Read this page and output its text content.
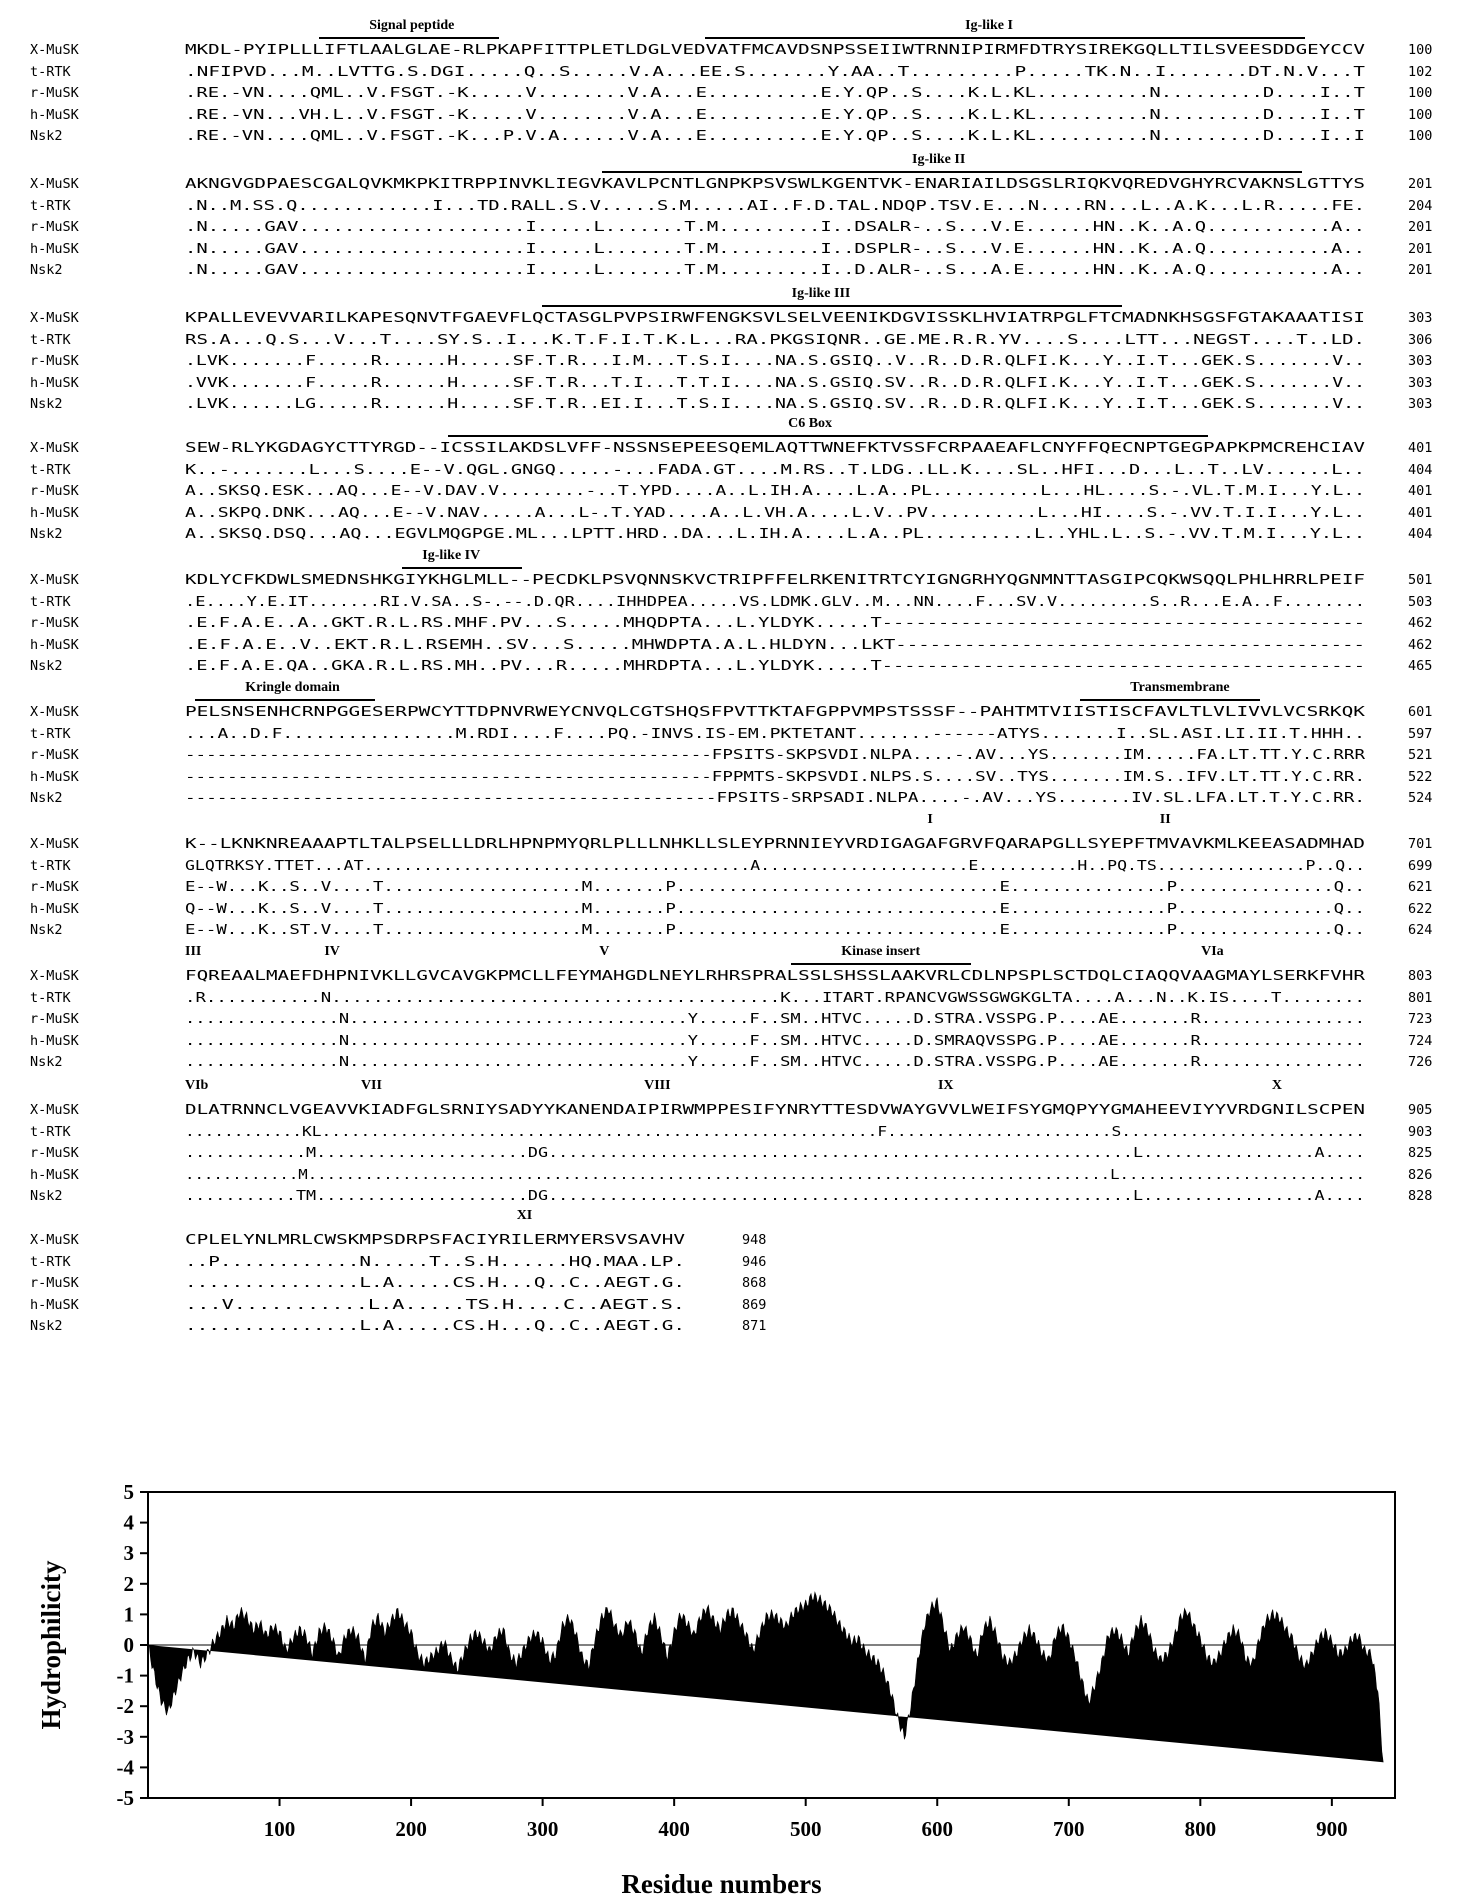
Signal peptide	Ig-like I
X-MuSK	MKDL-PYIPLLLIFTLAALGLAE-RLPKAPFITTPLETLDGLVEDVATFMCAVDSNPSSEIIWTRNNIPIRMFDTRYSIREKGQLLTILSVEESDDGEYCCV	100
t-RTK	.NFIPVD...M..LVTTG.S.DGI.....Q..S.....V.A...EE.S.......Y.AA..T.........P.....TK.N..I.......DT.N.V...T	102
r-MuSK	.RE.-VN....QML..V.FSGT.-K.....V........V.A...E..........E.Y.QP..S....K.L.KL..........N.........D....I..T	100
h-MuSK	.RE.-VN...VH.L..V.FSGT.-K.....V........V.A...E..........E.Y.QP..S....K.L.KL..........N.........D....I..T	100
Nsk2	.RE.-VN....QML..V.FSGT.-K...P.V.A......V.A...E..........E.Y.QP..S....K.L.KL..........N.........D....I..I	100
Ig-like II
X-MuSK	AKNGVGDPAESCGALQVKMKPKITRPPINVKLIEGVKAVLPCNTLGNPKPSVSWLKGENTVK-ENARIAILDSGSLRIQKVQREDVGHYRCVAKNSLGTTYS	201
t-RTK	.N..M.SS.Q............I...TD.RALL.S.V.....S.M.....AI..F.D.TAL.NDQP.TSV.E...N....RN...L..A.K...L.R.....FE.	204
r-MuSK	.N.....GAV....................I.....L.......T.M.........I..DSALR-..S...V.E......HN..K..A.Q...........A..	201
h-MuSK	.N.....GAV....................I.....L.......T.M.........I..DSPLR-..S...V.E......HN..K..A.Q...........A..	201
Nsk2	.N.....GAV....................I.....L.......T.M.........I..D.ALR-..S...A.E......HN..K..A.Q...........A..	201
Ig-like III
X-MuSK	KPALLEVEVVARILKAPESQNVTFGAEVFLQCTASGLPVPSIRWFENGKSVLSELVEENIKDGVISSKLHVIATRPGLFTCMADNKHSGSFGTAKAAATISI	303
t-RTK	RS.A...Q.S...V...T....SY.S..I...K.T.F.I.T.K.L...RA.PKGSIQNR..GE.ME.R.R.YV....S....LTT...NEGST....T..LD.	306
r-MuSK	.LVK.......F.....R......H.....SF.T.R...I.M...T.S.I....NA.S.GSIQ..V..R..D.R.QLFI.K...Y..I.T...GEK.S.......V..	303
h-MuSK	.VVK.......F.....R......H.....SF.T.R...T.I...T.T.I....NA.S.GSIQ.SV..R..D.R.QLFI.K...Y..I.T...GEK.S.......V..	303
Nsk2	.LVK......LG.....R......H.....SF.T.R..EI.I...T.S.I....NA.S.GSIQ.SV..R..D.R.QLFI.K...Y..I.T...GEK.S.......V..	303
C6 Box
X-MuSK	SEW-RLYKGDAGYCTTYRGD--ICSSILAKDSLVFF-NSSNSEPEESQEMLAQTTWNEFKTVSSFCRPAAEAFLCNYFFQECNPTGEGPAPKPMCREHCIAV	401
t-RTK	K..-.......L...S....E--V.QGL.GNGQ.....-...FADA.GT....M.RS..T.LDG..LL.K....SL..HFI...D...L..T..LV......L..	404
r-MuSK	A..SKSQ.ESK...AQ...E--V.DAV.V........-..T.YPD....A..L.IH.A....L.A..PL..........L...HL....S.-.VL.T.M.I...Y.L..	401
h-MuSK	A..SKPQ.DNK...AQ...E--V.NAV.....A...L-.T.YAD....A..L.VH.A....L.V..PV..........L...HI....S.-.VV.T.I.I...Y.L..	401
Nsk2	A..SKSQ.DSQ...AQ...EGVLMQGPGE.ML...LPTT.HRD..DA...L.IH.A....L.A..PL..........L..YHL.L..S.-.VV.T.M.I...Y.L..	404
Ig-like IV
X-MuSK	KDLYCFKDWLSMEDNSHKGIYKHGLMLL--PECDKLPSVQNNSKVCTRIPFFELRKENITRTCYIGNGRHYQGNMNTTASGIPCQKWSQQLPHLHRRLPEIF	501
t-RTK	.E....Y.E.IT.......RI.V.SA..S-.--.D.QR....IHHDPEA.....VS.LDMK.GLV..M...NN....F...SV.V.........S..R...E.A..F........	503
r-MuSK	.E.F.A.E..A..GKT.R.L.RS.MHF.PV...S.....MHQDPTA...L.YLDYK.....T-------------------------------------------	462
h-MuSK	.E.F.A.E..V..EKT.R.L.RSEMH..SV...S.....MHWDPTA.A.L.HLDYN...LKT-----------------------------------------	462
Nsk2	.E.F.A.E.QA..GKA.R.L.RS.MH..PV...R.....MHRDPTA...L.YLDYK.....T-------------------------------------------	465
Kringle domain	Transmembrane
X-MuSK	PELSNSENHCRNPGGESERPWCYTTDPNVRWEYCNVQLCGTSHQSFPVTTKTAFGPPVMPSTSSSF--PAHTMTVIISTISCFAVLTLVLIVVLVCSRKQK	601
t-RTK	...A..D.F................M.RDI....F....PQ.-INVS.IS-EM.PKTETANT.......------ATYS.......I..SL.ASI.LI.II.T.HHH..	597
r-MuSK	--------------------------------------------------FPSITS-SKPSVDI.NLPA....-.AV...YS.......IM.....FA.LT.TT.Y.C.RRR	521
h-MuSK	--------------------------------------------------FPPMTS-SKPSVDI.NLPS.S....SV..TYS.......IM.S..IFV.LT.TT.Y.C.RR.	522
Nsk2	--------------------------------------------------FPSITS-SRPSADI.NLPA....-.AV...YS.......IV.SL.LFA.LT.T.Y.C.RR.	524
I	II
X-MuSK	K--LKNKNREAAAPTLTALPSELLLDRLHPNPMYQRLPLLLNHKLLSLEYPRNNIEYVRDIGAGAFGRVFQARAPGLLSYEPFTMVAVKMLKEEASADMHAD	701
t-RTK	GLQTRKSY.TTET...AT.......................................A.....................E..........H..PQ.TS...............P..Q..	699
r-MuSK	E--W...K..S..V....T...................M.......P...............................E...............P...............Q..	621
h-MuSK	Q--W...K..S..V....T...................M.......P...............................E...............P...............Q..	622
Nsk2	E--W...K..ST.V....T...................M.......P...............................E...............P...............Q..	624
III	IV	V	Kinase insert	VIa
X-MuSK	FQREAALMAEFDHPNIVKLLGVCAVGKPMCLLFEYMAHGDLNEYLRHRSPRALSSLSHSSLAAKVRLCDLNPSPLSCTDQLCIAQQVAAGMAYLSERKFVHR	803
t-RTK	.R...........N...........................................K...ITART.RPANCVGWSSGWGKGLTA....A...N..K.IS....T........	801
r-MuSK	...............N.................................Y.....F..SM..HTVC.....D.STRA.VSSPG.P....AE.......R................	723
h-MuSK	...............N.................................Y.....F..SM..HTVC.....D.SMRAQVSSPG.P....AE.......R................	724
Nsk2	...............N.................................Y.....F..SM..HTVC.....D.STRA.VSSPG.P....AE.......R................	726
VIb	VII	VIII	IX	X
X-MuSK	DLATRNNCLVGEAVVKIADFGLSRNIYSADYYKANENDAIPIRWMPPESIFYNRYTTESDVWAYGVVLWEIFSYGMQPYYGMAHEEVIYYVRDGNILSCPEN	905
t-RTK	............KL.........................................................F.......................S.........................	903
r-MuSK	............M.....................DG..........................................................L.................A....	825
h-MuSK	............M.....................................................................................L..........................	826
Nsk2	...........TM.....................DG..........................................................L.................A....	828
XI
X-MuSK	CPLELYNLMRLCWSKMPSDRPSFACIYRILERMYERSVSAVHV	948
t-RTK	..P............N.....T..S.H......HQ.MAA.LP.	946
r-MuSK	...............L.A.....CS.H...Q..C..AEGT.G.	868
h-MuSK	...V...........L.A.....TS.H....C..AEGT.S.	869
Nsk2	...............L.A.....CS.H...Q..C..AEGT.G.	871
5
4
3
2
1
0
-1
-2
-3
-4
-5
100	200	300	400	500	600	700	800	900
Residue numbers
Hydrophilicity
